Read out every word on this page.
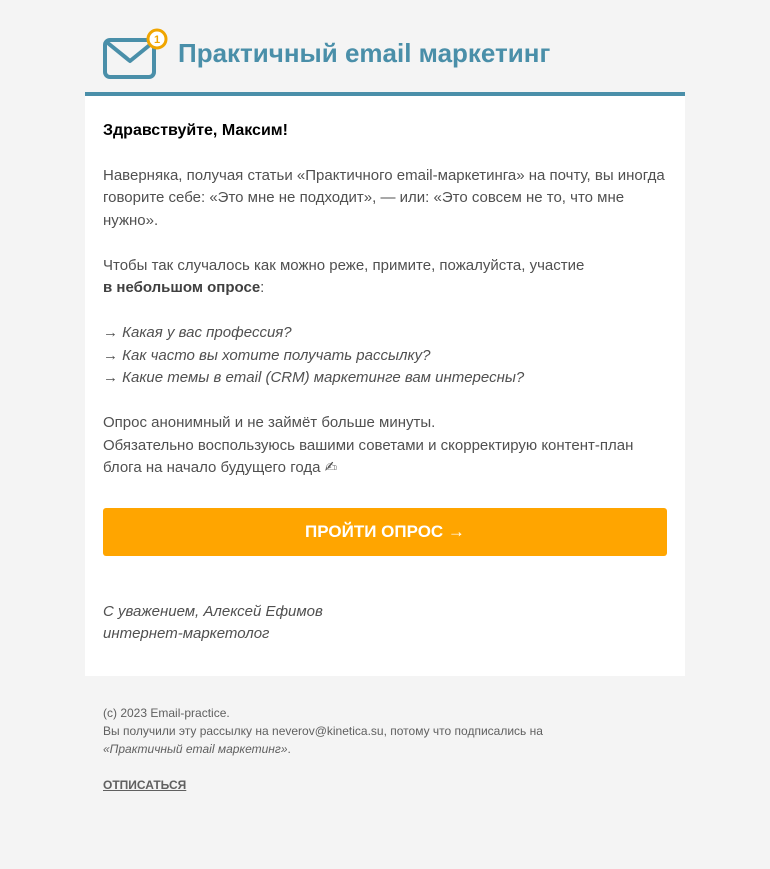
1 Практичный email маркетинг

Здравствуйте, Максим!

Наверняка, получая статьи «Практичного email-маркетинга» на почту, вы иногда говорите себе: «Это мне не подходит», — или: «Это совсем не то, что мне нужно».

Чтобы так случалось как можно реже, примите, пожалуйста, участие
в небольшом опросе:

→ Какая у вас профессия?
→ Как часто вы хотите получать рассылку?
→ Какие темы в email (CRM) маркетинге вам интересны?

Опрос анонимный и не займёт больше минуты.
Обязательно воспользуюсь вашими советами и скорректирую контент-план блога на начало будущего года ✍

ПРОЙТИ ОПРОС →

С уважением, Алексей Ефимов
интернет-маркетолог

(c) 2023 Email-practice.

Вы получили эту рассылку на neverov@kinetica.su, потому что подписались на
«Практичный email маркетинг».

ОТПИСАТЬСЯ
